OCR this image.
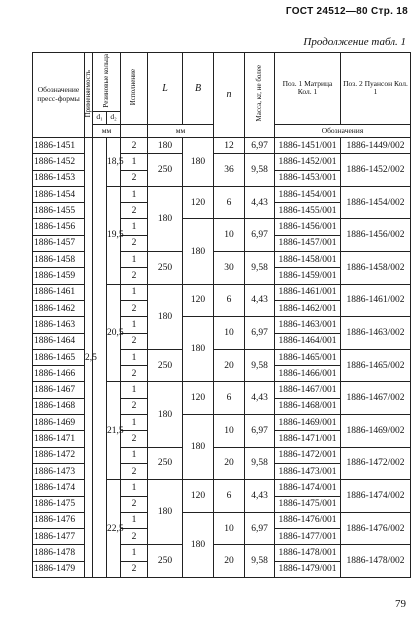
ГОСТ 24512—80 Стр. 18
Продолжение табл. 1
Обозначение пресс-формы	Применяемость	Резиновые кольца		Исполнение	L	B	n	Масса, кг, не более	Поз. 1 Матрица Кол. 1	Поз. 2 Пуансон Кол. 1
		d₁	d₂							
		мм			мм				Обозначения	
1886-1451	2,5		18,5	2	180	180	12	6,97	1886-1451/001	1886-1449/002
1886-1452				1	250		36	9,58	1886-1452/001	1886-1452/002
1886-1453				2					1886-1453/001	
1886-1454			19,5	1	180	120	6	4,43	1886-1454/001	1886-1454/002
1886-1455				2					1886-1455/001	
1886-1456				1		180	10	6,97	1886-1456/001	1886-1456/002
1886-1457				2					1886-1457/001	
1886-1458				1	250		30	9,58	1886-1458/001	1886-1458/002
1886-1459				2					1886-1459/001	
1886-1461			20,5	1	180	120	6	4,43	1886-1461/001	1886-1461/002
1886-1462				2					1886-1462/001	
1886-1463				1		180	10	6,97	1886-1463/001	1886-1463/002
1886-1464				2					1886-1464/001	
1886-1465				1	250		20	9,58	1886-1465/001	1886-1465/002
1886-1466				2					1886-1466/001	
1886-1467			21,5	1	180	120	6	4,43	1886-1467/001	1886-1467/002
1886-1468				2					1886-1468/001	
1886-1469				1		180	10	6,97	1886-1469/001	1886-1469/002
1886-1471				2					1886-1471/001	
1886-1472				1	250		20	9,58	1886-1472/001	1886-1472/002
1886-1473				2					1886-1473/001	
1886-1474			22,5	1	180	120	6	4,43	1886-1474/001	1886-1474/002
1886-1475				2					1886-1475/001	
1886-1476				1		180	10	6,97	1886-1476/001	1886-1476/002
1886-1477				2					1886-1477/001	
1886-1478				1	250		20	9,58	1886-1478/001	1886-1478/002
1886-1479				2					1886-1479/001	
79
